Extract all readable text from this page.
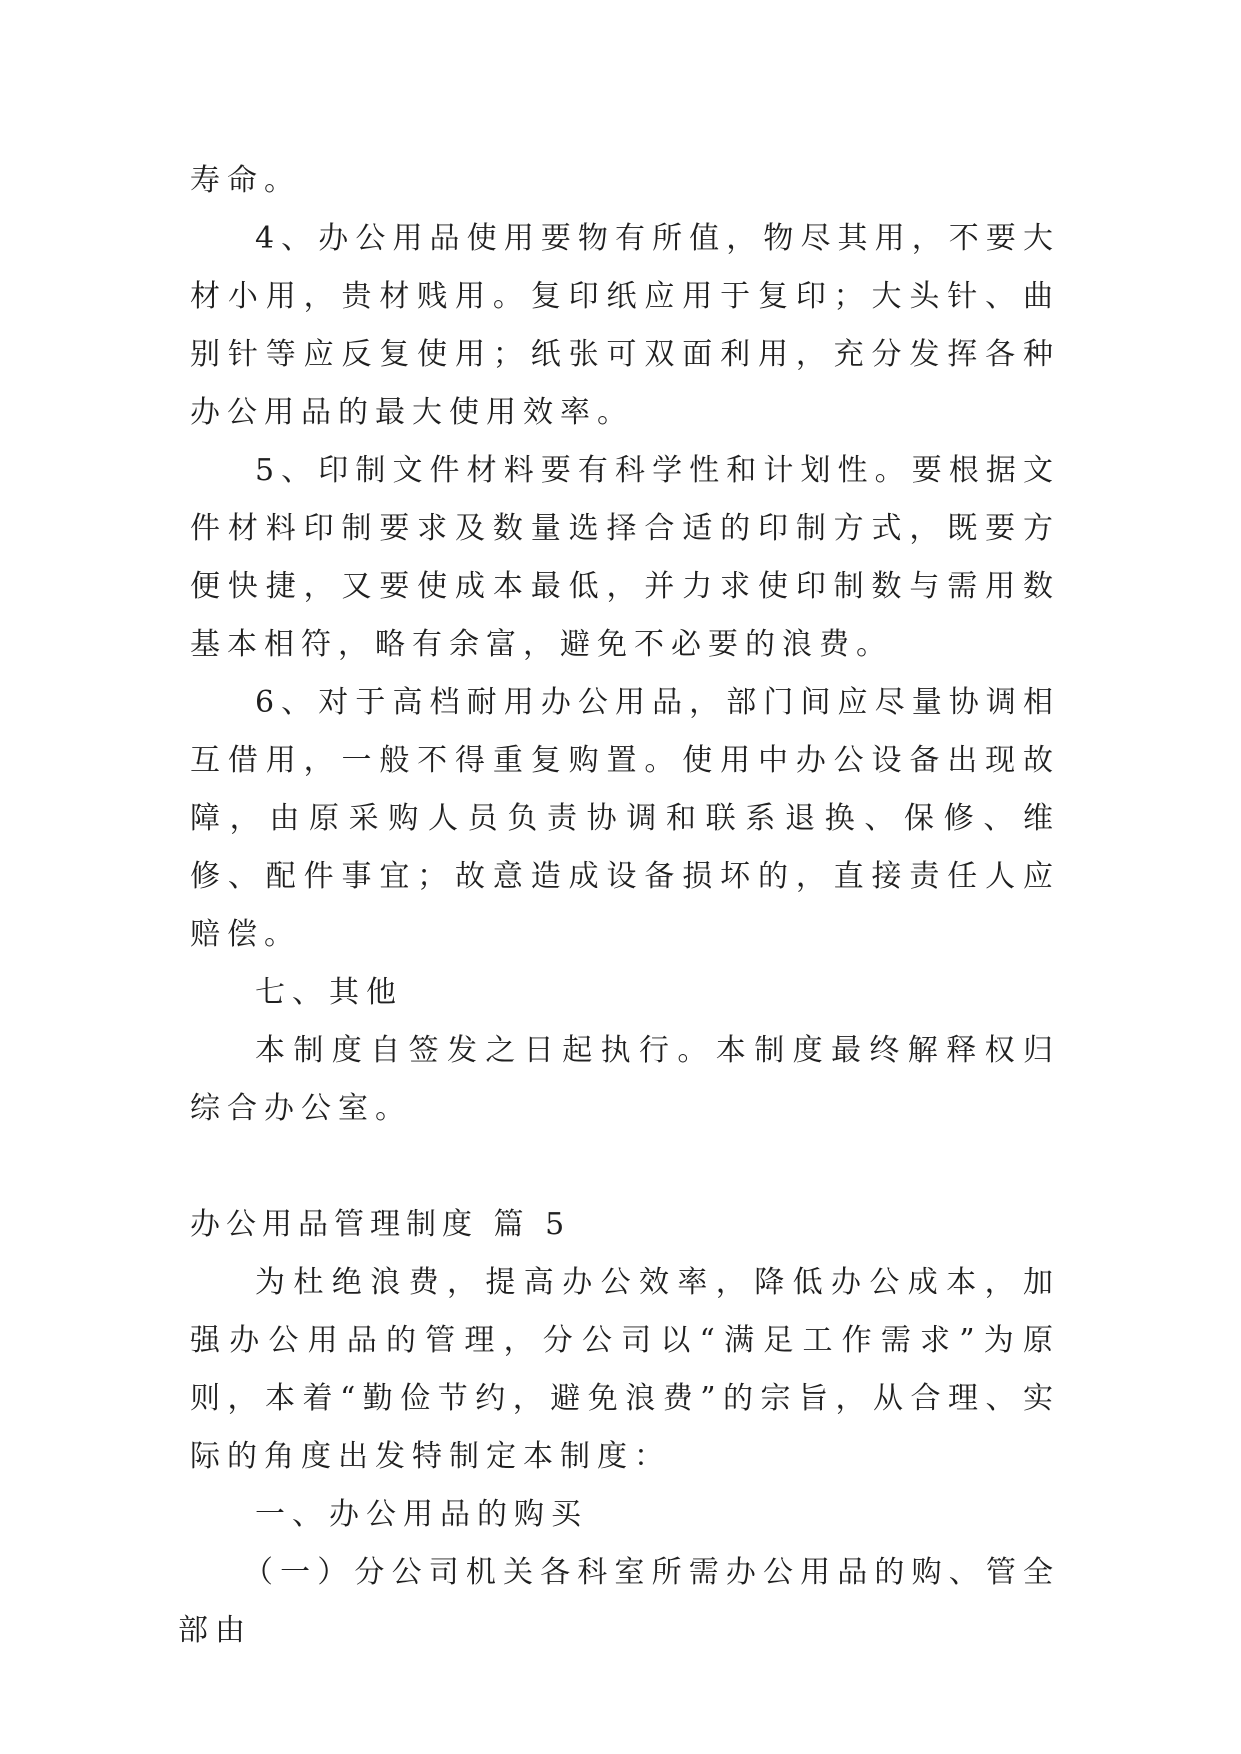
寿命。

4、办公用品使用要物有所值，物尽其用，不要大材小用，贵材贱用。复印纸应用于复印；大头针、曲别针等应反复使用；纸张可双面利用，充分发挥各种办公用品的最大使用效率。

5、印制文件材料要有科学性和计划性。要根据文件材料印制要求及数量选择合适的印制方式，既要方便快捷，又要使成本最低，并力求使印制数与需用数基本相符，略有余富，避免不必要的浪费。

6、对于高档耐用办公用品，部门间应尽量协调相互借用，一般不得重复购置。使用中办公设备出现故障，由原采购人员负责协调和联系退换、保修、维修、配件事宜；故意造成设备损坏的，直接责任人应赔偿。

七、其他

本制度自签发之日起执行。本制度最终解释权归综合办公室。

办公用品管理制度 篇 5

为杜绝浪费，提高办公效率，降低办公成本，加强办公用品的管理，分公司以“满足工作需求”为原则，本着“勤俭节约，避免浪费”的宗旨，从合理、实际的角度出发特制定本制度：

一、办公用品的购买

（一）分公司机关各科室所需办公用品的购、管全部由
